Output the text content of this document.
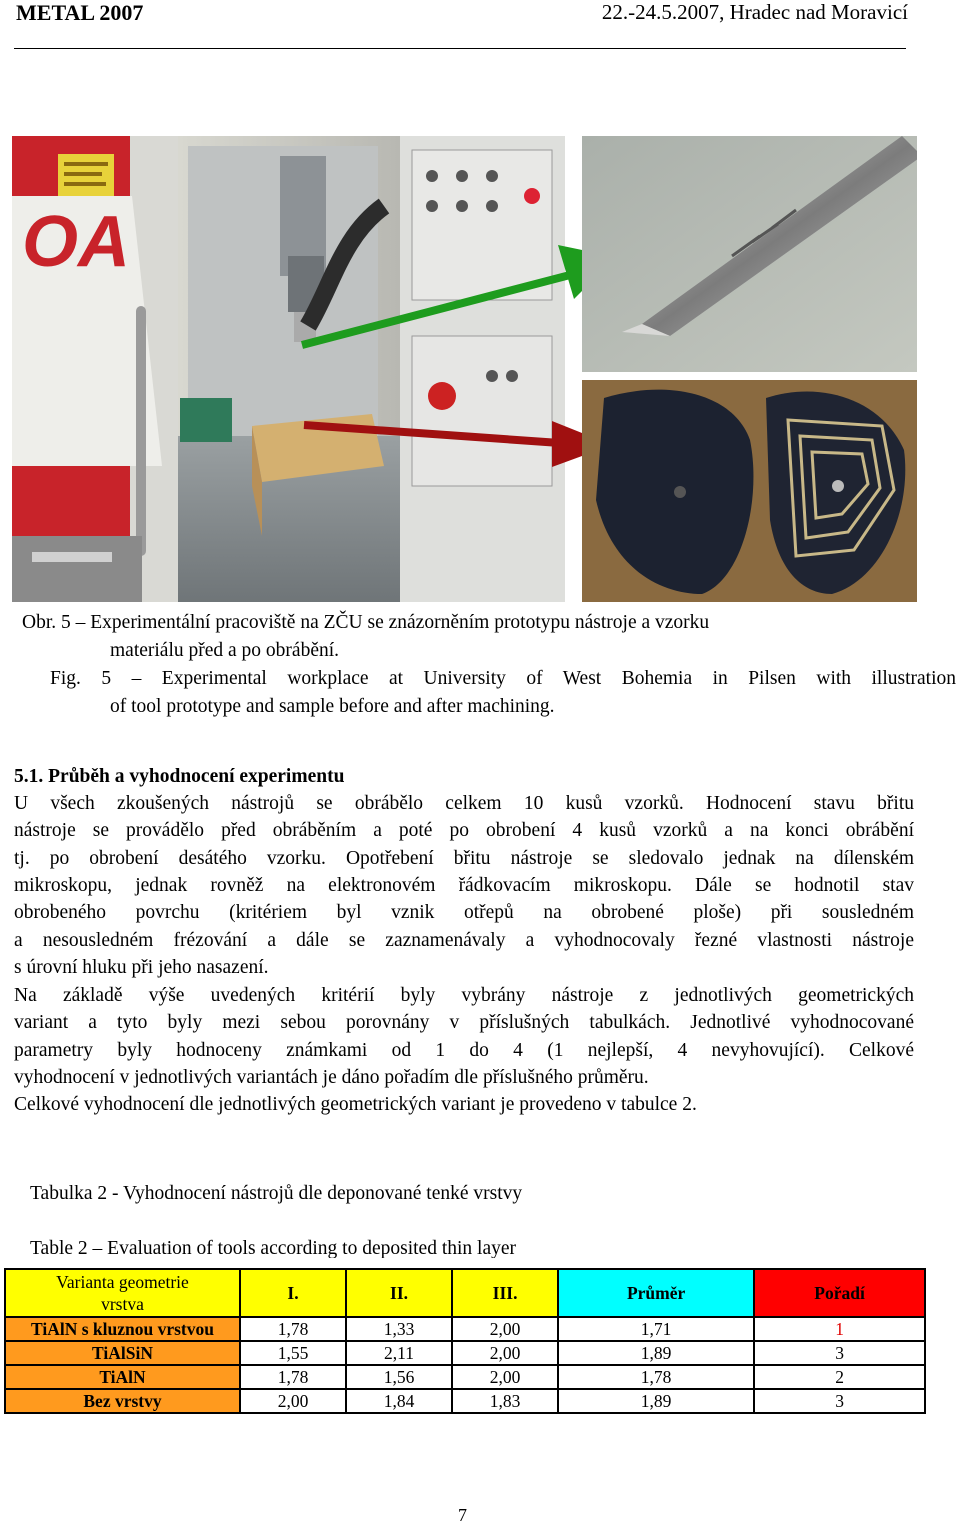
METAL 2007	22.-24.5.2007, Hradec nad Moravicí
OA
Obr. 5 – Experimentální pracoviště na ZČU se znázorněním prototypu nástroje a vzorku
materiálu před a po obrábění.
Fig. 5 – Experimental workplace at University of West Bohemia in Pilsen with illustration
of tool prototype and sample before and after machining.
5.1. Průběh a vyhodnocení experimentu
U všech zkoušených nástrojů se obrábělo celkem 10 kusů vzorků. Hodnocení stavu břitu
nástroje se provádělo před obráběním a poté po obrobení 4 kusů vzorků a na konci obrábění
tj. po obrobení desátého vzorku. Opotřebení břitu nástroje se sledovalo jednak na dílenském
mikroskopu, jednak rovněž na elektronovém řádkovacím mikroskopu. Dále se hodnotil stav
obrobeného povrchu (kritériem byl vznik otřepů na obrobené ploše) při sousledném
a nesousledném frézování a dále se zaznamenávaly a vyhodnocovaly řezné vlastnosti nástroje
s úrovní hluku při jeho nasazení.
Na základě výše uvedených kritérií byly vybrány nástroje z jednotlivých geometrických
variant a tyto byly mezi sebou porovnány v příslušných tabulkách. Jednotlivé vyhodnocované
parametry byly hodnoceny známkami od 1 do 4 (1 nejlepší, 4 nevyhovující). Celkové
vyhodnocení v jednotlivých variantách je dáno pořadím dle příslušného průměru.
Celkové vyhodnocení dle jednotlivých geometrických variant je provedeno v tabulce 2.
Tabulka 2 - Vyhodnocení nástrojů dle deponované tenké vrstvy
Table 2 – Evaluation of tools according to deposited thin layer
Varianta geometrie
vrstva	I.	II.	III.	Průměr	Pořadí
TiAlN s kluznou vrstvou	1,78	1,33	2,00	1,71	1
TiAlSiN	1,55	2,11	2,00	1,89	3
TiAlN	1,78	1,56	2,00	1,78	2
Bez vrstvy	2,00	1,84	1,83	1,89	3
7
